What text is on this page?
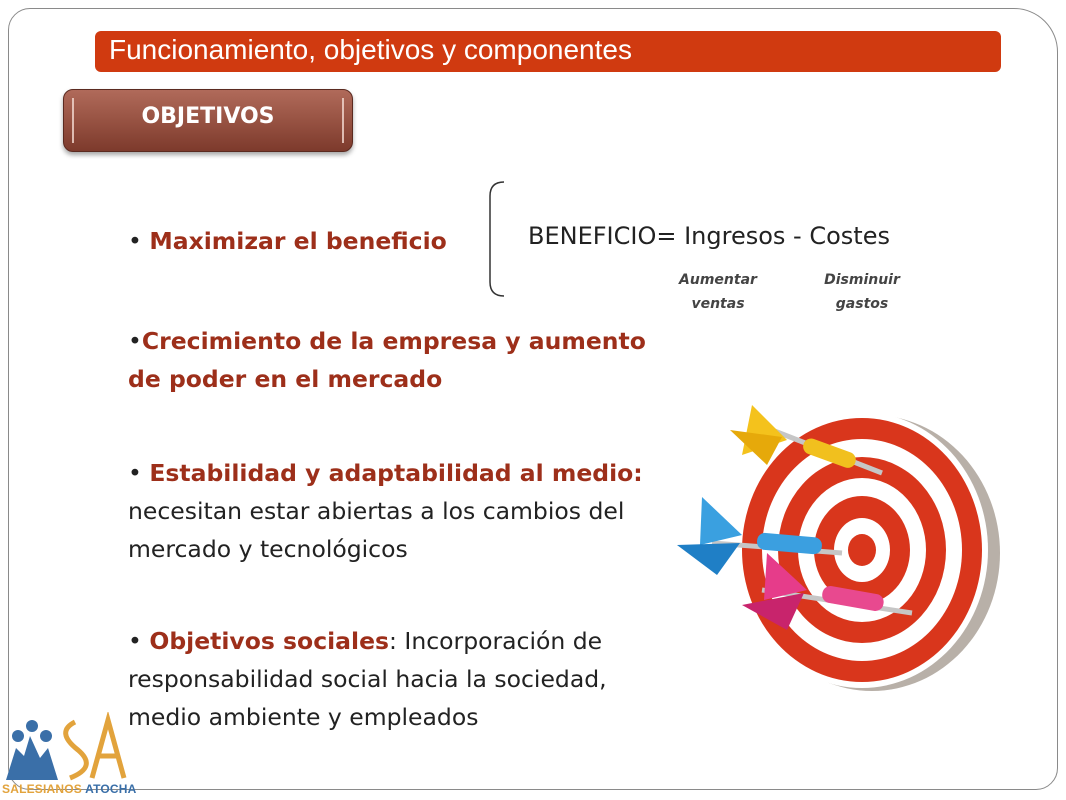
Funcionamiento, objetivos y componentes
OBJETIVOS
• Maximizar el beneficio
•Crecimiento de la empresa y aumento de poder en el mercado
• Estabilidad y adaptabilidad al medio: necesitan estar abiertas a los cambios del mercado y tecnológicos
• Objetivos sociales: Incorporación de responsabilidad social hacia la sociedad, medio ambiente y empleados
BENEFICIO= Ingresos - Costes
Aumentar
ventas
Disminuir
gastos
SALESIANOS ATOCHA
